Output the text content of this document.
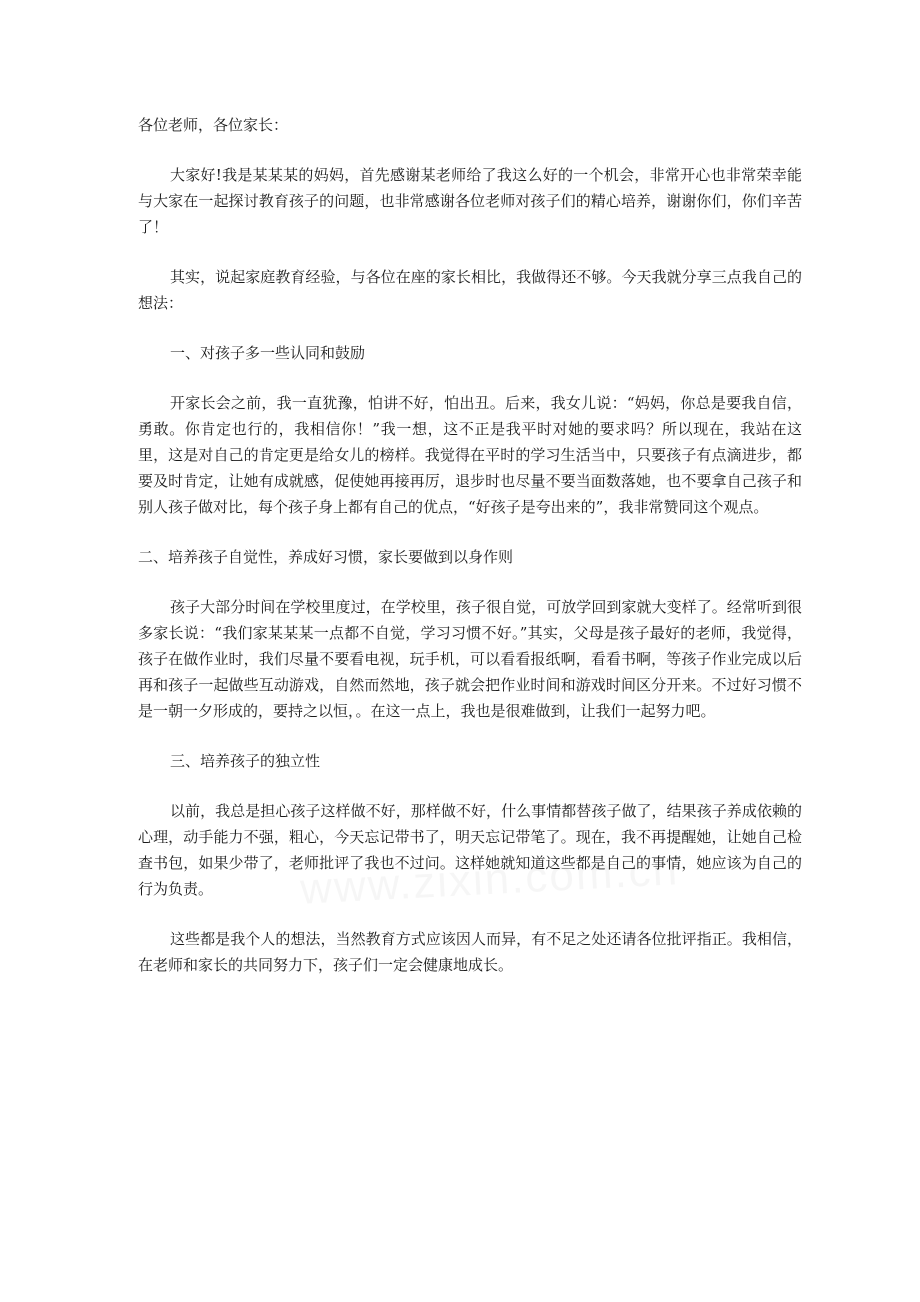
各位老师，各位家长：

大家好!我是某某某的妈妈，首先感谢某老师给了我这么好的一个机会，非常开心也非常荣幸能与大家在一起探讨教育孩子的问题，也非常感谢各位老师对孩子们的精心培养，谢谢你们，你们辛苦了！

其实，说起家庭教育经验，与各位在座的家长相比，我做得还不够。今天我就分享三点我自己的想法：

一、对孩子多一些认同和鼓励

开家长会之前，我一直犹豫，怕讲不好，怕出丑。后来，我女儿说：“妈妈，你总是要我自信，勇敢。你肯定也行的，我相信你！”我一想，这不正是我平时对她的要求吗？所以现在，我站在这里，这是对自己的肯定更是给女儿的榜样。我觉得在平时的学习生活当中，只要孩子有点滴进步，都要及时肯定，让她有成就感，促使她再接再厉，退步时也尽量不要当面数落她，也不要拿自己孩子和别人孩子做对比，每个孩子身上都有自己的优点，“好孩子是夸出来的”，我非常赞同这个观点。

二、培养孩子自觉性，养成好习惯，家长要做到以身作则

孩子大部分时间在学校里度过，在学校里，孩子很自觉，可放学回到家就大变样了。经常听到很多家长说：“我们家某某某一点都不自觉，学习习惯不好。”其实，父母是孩子最好的老师，我觉得，孩子在做作业时，我们尽量不要看电视，玩手机，可以看看报纸啊，看看书啊，等孩子作业完成以后再和孩子一起做些互动游戏，自然而然地，孩子就会把作业时间和游戏时间区分开来。不过好习惯不是一朝一夕形成的，要持之以恒，。在这一点上，我也是很难做到，让我们一起努力吧。

三、培养孩子的独立性

以前，我总是担心孩子这样做不好，那样做不好，什么事情都替孩子做了，结果孩子养成依赖的心理，动手能力不强，粗心，今天忘记带书了，明天忘记带笔了。现在，我不再提醒她，让她自己检查书包，如果少带了，老师批评了我也不过问。这样她就知道这些都是自己的事情，她应该为自己的行为负责。

这些都是我个人的想法，当然教育方式应该因人而异，有不足之处还请各位批评指正。我相信，在老师和家长的共同努力下，孩子们一定会健康地成长。
